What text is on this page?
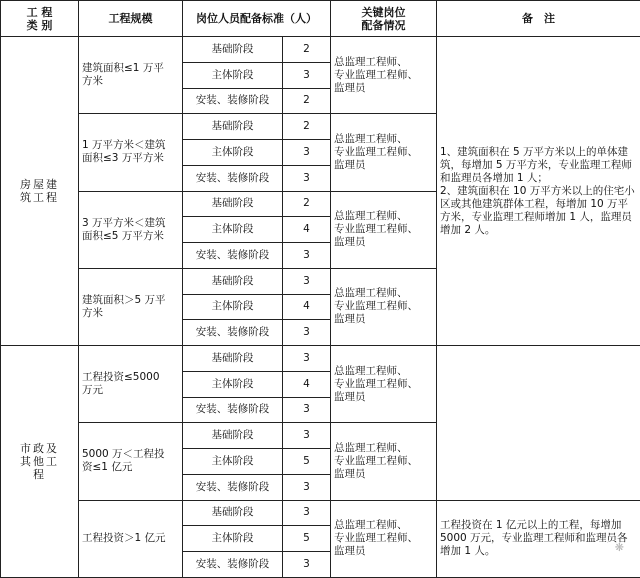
工 程
类 别	工程规模	岗位人员配备标准（人）		关键岗位
配备情况	备　注

房屋建
筑工程	建筑面积≤1 万平
方米	基础阶段	2	总监理工程师、
专业监理工程师、
监理员	1、建筑面积在 5 万平方米以上的单体建筑，每增加 5 万平方米，专业监理工程师和监理员各增加 1 人；
2、建筑面积在 10 万平方米以上的住宅小区或其他建筑群体工程，每增加 10 万平方米，专业监理工程师增加 1 人，监理员增加 2 人。

		主体阶段	3		
		安装、装修阶段	2		

	1 万平方米＜建筑
面积≤3 万平方米	基础阶段	2	总监理工程师、
专业监理工程师、
监理员	

		主体阶段	3		
		安装、装修阶段	3		

	3 万平方米＜建筑
面积≤5 万平方米	基础阶段	2	总监理工程师、
专业监理工程师、
监理员	

		主体阶段	4		
		安装、装修阶段	3		

	建筑面积＞5 万平
方米	基础阶段	3	总监理工程师、
专业监理工程师、
监理员	

		主体阶段	4		
		安装、装修阶段	3		

市政及
其他工
程	工程投资≤5000
万元	基础阶段	3	总监理工程师、
专业监理工程师、
监理员	

		主体阶段	4		
		安装、装修阶段	3		

	5000 万＜工程投
资≤1 亿元	基础阶段	3	总监理工程师、
专业监理工程师、
监理员	

		主体阶段	5		
		安装、装修阶段	3		

	工程投资＞1 亿元	基础阶段	3	总监理工程师、
专业监理工程师、
监理员	工程投资在 1 亿元以上的工程，每增加 5000 万元，专业监理工程师和监理员各增加 1 人。

		主体阶段	5		
		安装、装修阶段	3		
❋
